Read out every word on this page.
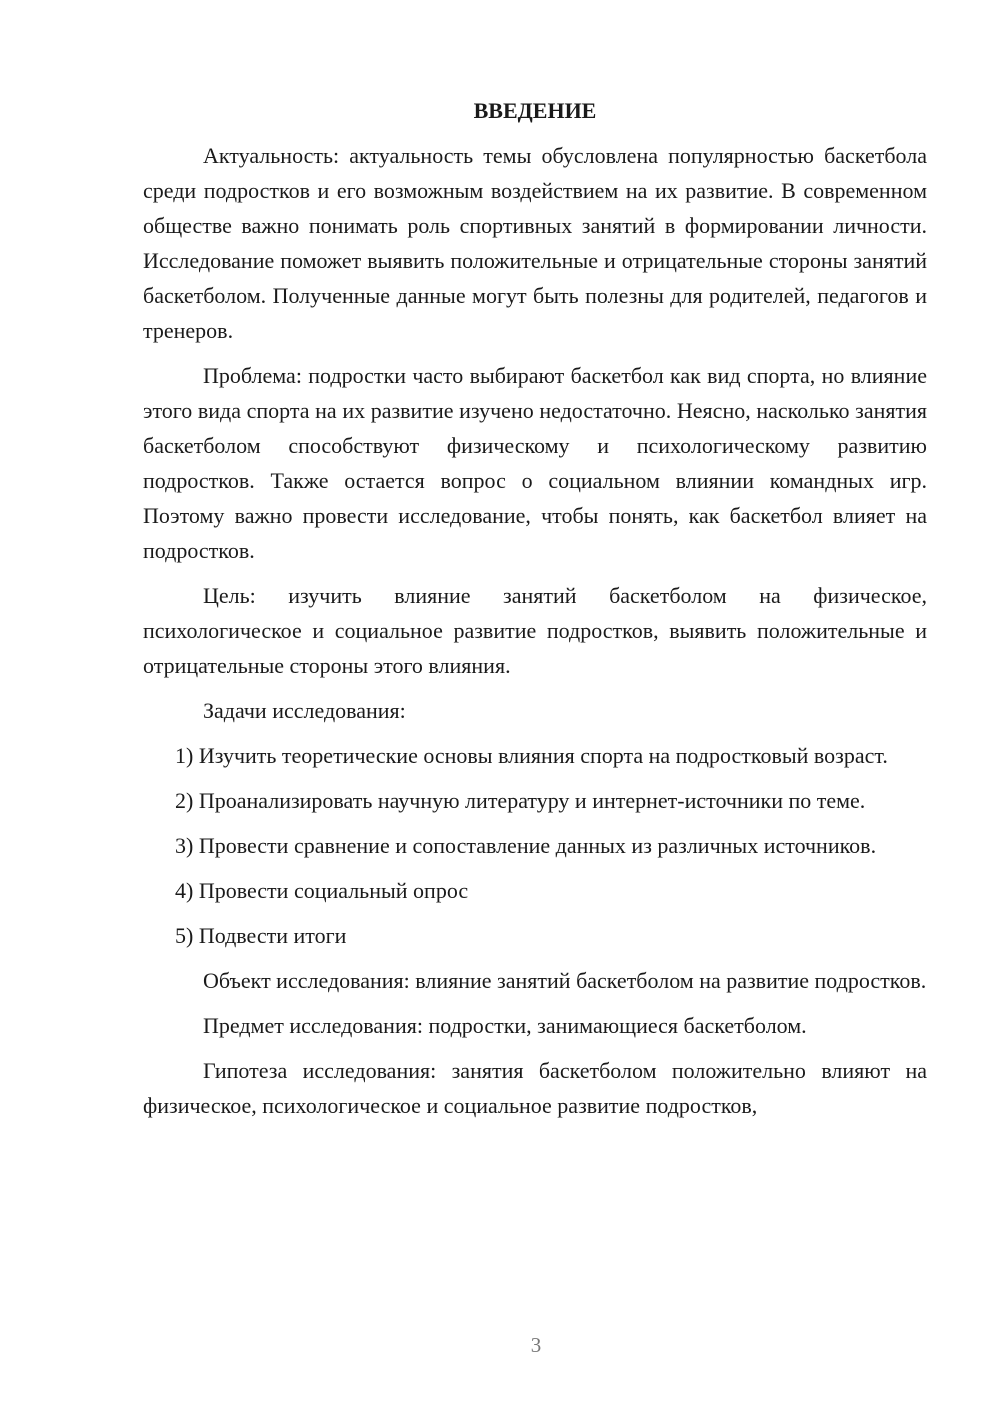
ВВЕДЕНИЕ

Актуальность: актуальность темы обусловлена популярностью баскетбола среди подростков и его возможным воздействием на их развитие. В современном обществе важно понимать роль спортивных занятий в формировании личности. Исследование поможет выявить положительные и отрицательные стороны занятий баскетболом. Полученные данные могут быть полезны для родителей, педагогов и тренеров.

Проблема: подростки часто выбирают баскетбол как вид спорта, но влияние этого вида спорта на их развитие изучено недостаточно. Неясно, насколько занятия баскетболом способствуют физическому и психологическому развитию подростков. Также остается вопрос о социальном влиянии командных игр. Поэтому важно провести исследование, чтобы понять, как баскетбол влияет на подростков.

Цель: изучить влияние занятий баскетболом на физическое, психологическое и социальное развитие подростков, выявить положительные и отрицательные стороны этого влияния.

Задачи исследования:

1) Изучить теоретические основы влияния спорта на подростковый возраст.

2) Проанализировать научную литературу и интернет-источники по теме.

3) Провести сравнение и сопоставление данных из различных источников.

4) Провести социальный опрос

5) Подвести итоги

Объект исследования: влияние занятий баскетболом на развитие подростков.

Предмет исследования: подростки, занимающиеся баскетболом.

Гипотеза исследования: занятия баскетболом положительно влияют на физическое, психологическое и социальное развитие подростков,

3
